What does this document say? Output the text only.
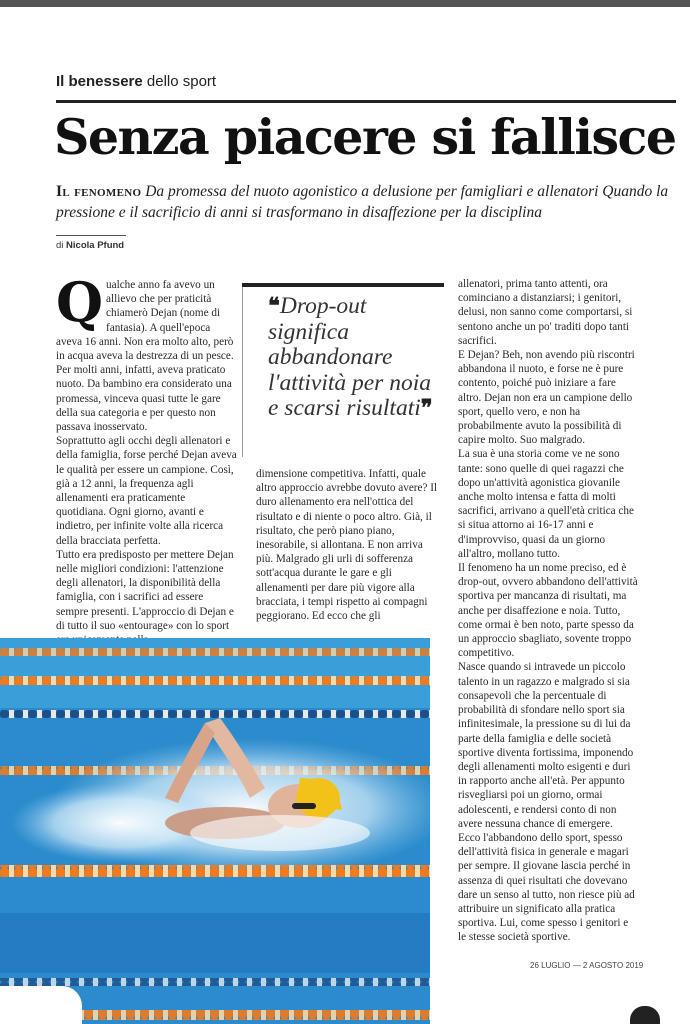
Il benessere dello sport
Senza piacere si fallisce
Il fenomeno Da promessa del nuoto agonistico a delusione per famigliari e allenatori Quando la pressione e il sacrificio di anni si trasformano in disaffezione per la disciplina
di Nicola Pfund
Q ualche anno fa avevo un allievo che per praticità chiamerò Dejan (nome di fantasia). A quell'epoca aveva 16 anni. Non era molto alto, però in acqua aveva la destrezza di un pesce. Per molti anni, infatti, aveva praticato nuoto. Da bambino era considerato una promessa, vinceva quasi tutte le gare della sua categoria e per questo non passava inosservato.

Soprattutto agli occhi degli allenatori e della famiglia, forse perché Dejan aveva le qualità per essere un campione. Così, già a 12 anni, la frequenza agli allenamenti era praticamente quotidiana. Ogni giorno, avanti e indietro, per infinite volte alla ricerca della bracciata perfetta.

Tutto era predisposto per mettere Dejan nelle migliori condizioni: l'attenzione degli allenatori, la disponibilità della famiglia, con i sacrifici ad essere sempre presenti. L'approccio di Dejan e di tutto il suo «entourage» con lo sport

❝Drop-out significa abbandonare l'attività per noia e scarsi risultati❞

dimensione competitiva. Infatti, quale altro approccio avrebbe dovuto avere? Il duro allenamento era nell'ottica del risultato e di niente o poco altro. Già, il risultato, che però piano piano, inesorabile, si allontana. E non arriva più. Malgrado gli urli di sofferenza sott'acqua durante le gare e gli allenamenti per dare più vigore alla bracciata, i tempi rispetto ai compagni peggiorano. Ed ecco che gli

allenatori, prima tanto attenti, ora cominciano a distanziarsi; i genitori, delusi, non sanno come comportarsi, si sentono anche un po' traditi dopo tanti sacrifici.

E Dejan? Beh, non avendo più riscontri abbandona il nuoto, e forse ne è pure contento, poiché può iniziare a fare altro. Dejan non era un campione dello sport, quello vero, e non ha probabilmente avuto la possibilità di capire molto. Suo malgrado.

La sua è una storia come ve ne sono tante: sono quelle di quei ragazzi che dopo un'attività agonistica giovanile anche molto intensa e fatta di molti sacrifici, arrivano a quell'età critica che si situa attorno ai 16-17 anni e d'improvviso, quasi da un giorno all'altro, mollano tutto.

Il fenomeno ha un nome preciso, ed è drop-out, ovvero abbandono dell'attività sportiva per mancanza di risultati, ma anche per disaffezione e noia. Tutto, come ormai è ben noto, parte spesso da un approccio sbagliato, sovente troppo competitivo.

Nasce quando si intravede un piccolo talento in un ragazzo e malgrado si sia consapevoli che la percentuale di probabilità di sfondare nello sport sia infinitesimale, la pressione su di lui da parte della famiglia e delle società sportive diventa fortissima, imponendo degli allenamenti molto esigenti e duri in rapporto anche all'età. Per appunto risvegliarsi poi un giorno, ormai adolescenti, e rendersi conto di non avere nessuna chance di emergere.

Ecco l'abbandono dello sport, spesso dell'attività fisica in generale e magari per sempre. Il giovane lascia perché in assenza di quei risultati che dovevano dare un senso al tutto, non riesce più ad attribuire un significato alla pratica sportiva. Lui, come spesso i genitori e le stesse società sportive.

26 LUGLIO — 2 AGOSTO 2019
